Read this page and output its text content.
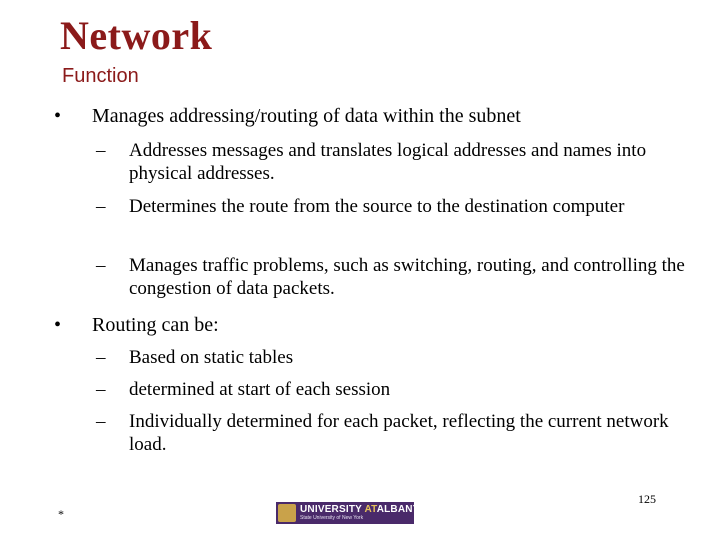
Network
Function
•	Manages addressing/routing of data within the subnet
–	Addresses messages and translates logical addresses and names into physical addresses.
–	Determines the route from the source to the destination computer
–	Manages traffic problems, such as switching, routing, and controlling the congestion of data packets.
•	Routing can be:
–	Based on static tables
–	determined at start of each session
–	Individually determined for each packet, reflecting the current network load.
125
*	UNIVERSITY ATALBANY
State University of New York
